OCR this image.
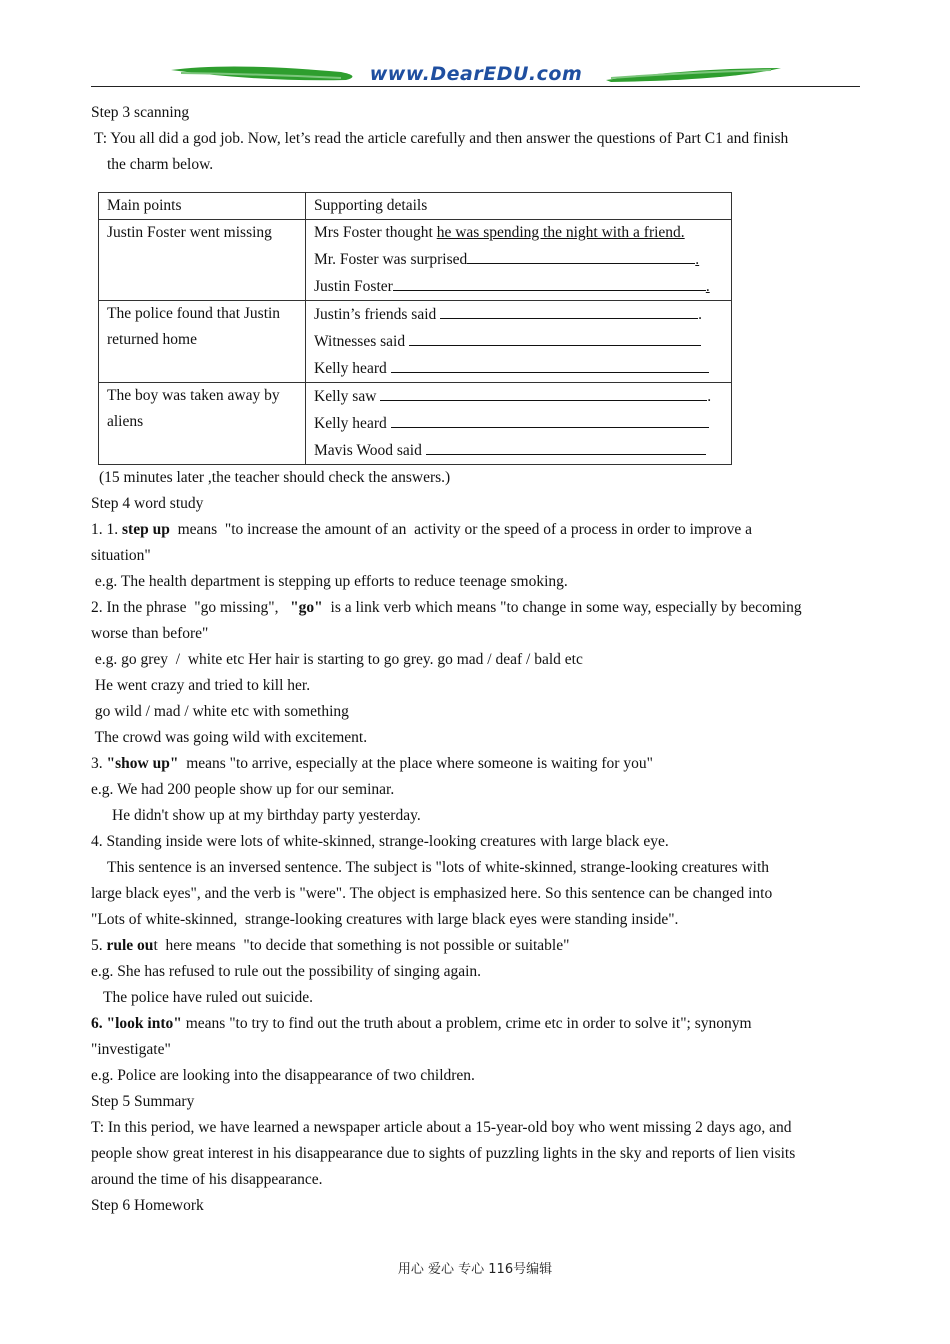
www.DearEDU.com

Step 3 scanning

T: You all did a god job. Now, let’s read the article carefully and then answer the questions of Part C1 and finish

the charm below.

Main points	Supporting details
Justin Foster went missing	Mrs Foster thought he was spending the night with a friend.
Mr. Foster was surprised .
Justin Foster .

The police found that Justin returned home	Justin’s friends said .
Witnesses said
Kelly heard

The boy was taken away by aliens	Kelly saw .
Kelly heard
Mavis Wood said

(15 minutes later ,the teacher should check the answers.)

Step 4 word study

1. 1. step up  means  "to increase the amount of an  activity or the speed of a process in order to improve a

situation"

e.g. The health department is stepping up efforts to reduce teenage smoking.

2. In the phrase  "go missing",   "go"  is a link verb which means "to change in some way, especially by becoming

worse than before"

e.g. go grey  /  white etc Her hair is starting to go grey. go mad / deaf / bald etc

He went crazy and tried to kill her.

go wild / mad / white etc with something

The crowd was going wild with excitement.

3. "show up"  means "to arrive, especially at the place where someone is waiting for you"

e.g. We had 200 people show up for our seminar.

He didn't show up at my birthday party yesterday.

4. Standing inside were lots of white-skinned, strange-looking creatures with large black eye.

This sentence is an inversed sentence. The subject is "lots of white-skinned, strange-looking creatures with

large black eyes", and the verb is "were". The object is emphasized here. So this sentence can be changed into

"Lots of white-skinned,  strange-looking creatures with large black eyes were standing inside".

5. rule out  here means  "to decide that something is not possible or suitable"

e.g. She has refused to rule out the possibility of singing again.

The police have ruled out suicide.

6. "look into" means "to try to find out the truth about a problem, crime etc in order to solve it"; synonym

"investigate"

e.g. Police are looking into the disappearance of two children.

Step 5 Summary

T: In this period, we have learned a newspaper article about a 15-year-old boy who went missing 2 days ago, and

people show great interest in his disappearance due to sights of puzzling lights in the sky and reports of lien visits

around the time of his disappearance.

Step 6 Homework

用心 爱心 专心 116号编辑
